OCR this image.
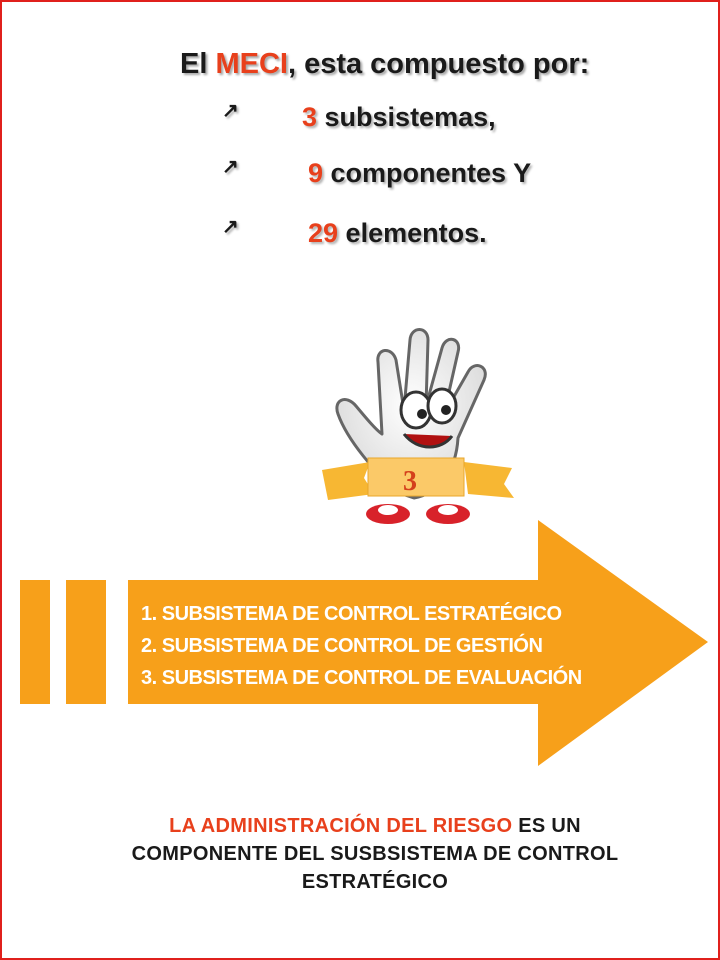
El MECI, esta compuesto por:
↗ 3 subsistemas,
↗	9 componentes Y
↗	29 elementos.
3
1. SUBSISTEMA DE CONTROL ESTRATÉGICO
2. SUBSISTEMA DE CONTROL DE GESTIÓN
3. SUBSISTEMA DE CONTROL DE EVALUACIÓN
LA ADMINISTRACIÓN DEL RIESGO ES UN COMPONENTE DEL SUSBSISTEMA DE CONTROL ESTRATÉGICO
